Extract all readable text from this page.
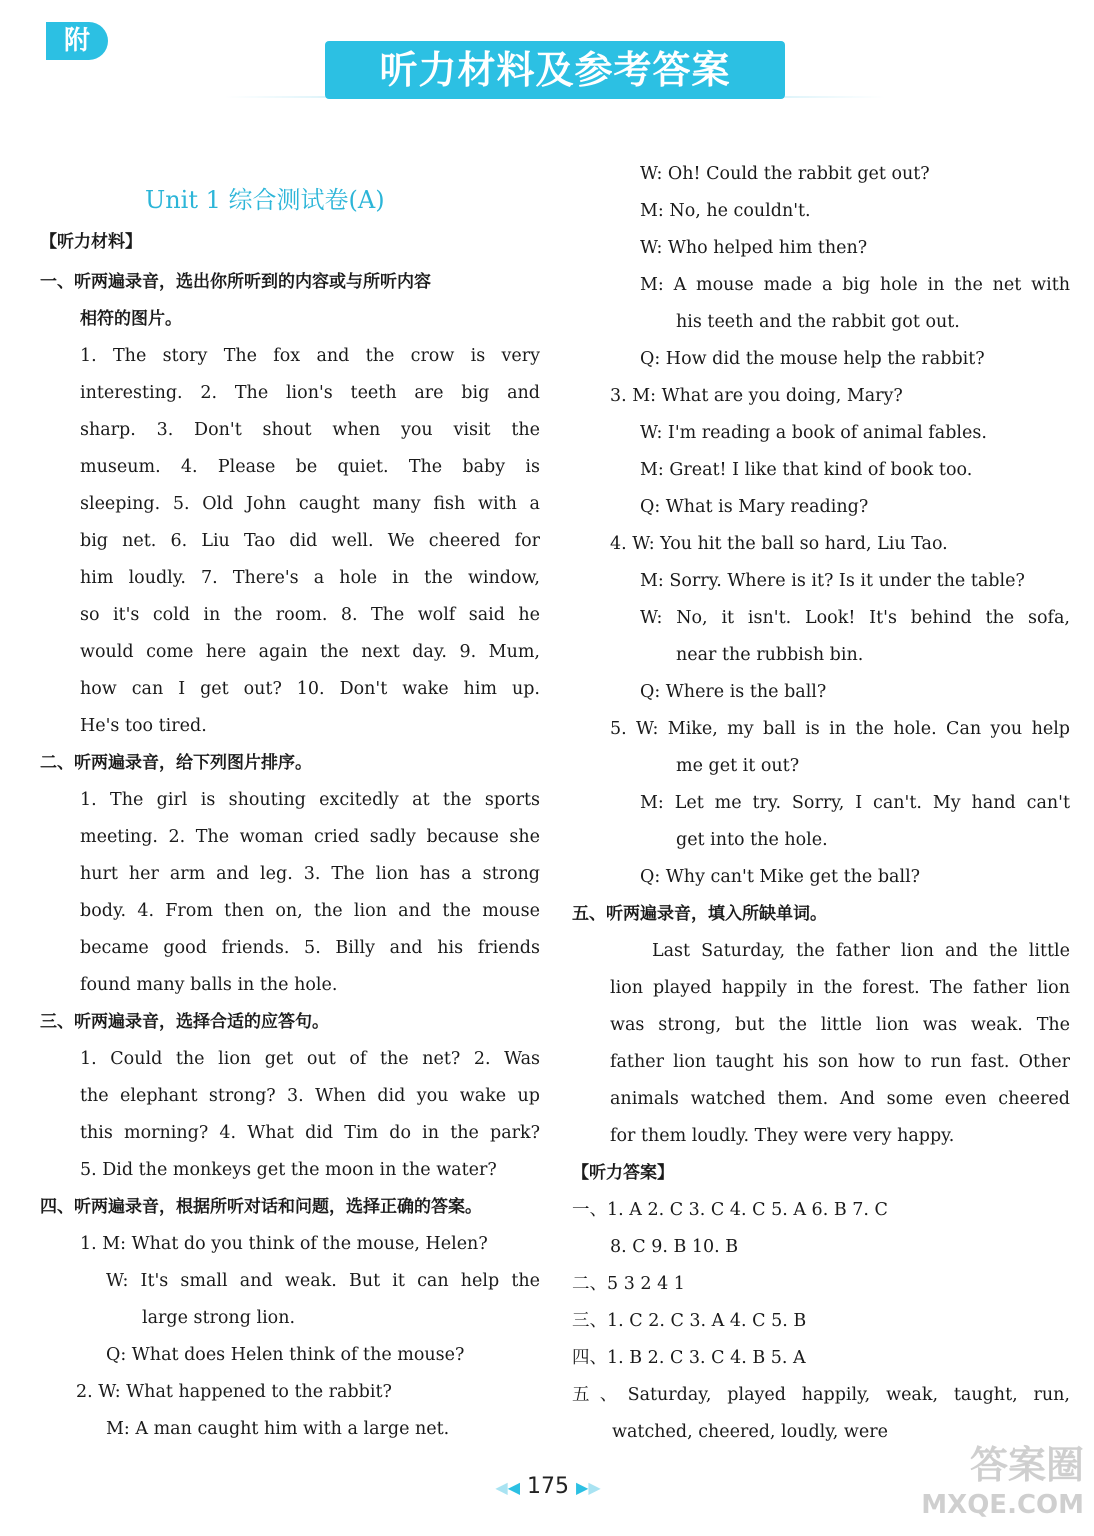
附
听力材料及参考答案
Unit 1 综合测试卷(A)
【听力材料】
一、听两遍录音，选出你所听到的内容或与所听内容
相符的图片。
1. The story The fox and the crow is very
interesting. 2. The lion's teeth are big and
sharp. 3. Don't shout when you visit the
museum. 4. Please be quiet. The baby is
sleeping. 5. Old John caught many fish with a
big net. 6. Liu Tao did well. We cheered for
him loudly. 7. There's a hole in the window,
so it's cold in the room. 8. The wolf said he
would come here again the next day. 9. Mum,
how can I get out? 10. Don't wake him up.
He's too tired.
二、听两遍录音，给下列图片排序。
1. The girl is shouting excitedly at the sports
meeting. 2. The woman cried sadly because she
hurt her arm and leg. 3. The lion has a strong
body. 4. From then on, the lion and the mouse
became good friends. 5. Billy and his friends
found many balls in the hole.
三、听两遍录音，选择合适的应答句。
1. Could the lion get out of the net? 2. Was
the elephant strong? 3. When did you wake up
this morning? 4. What did Tim do in the park?
5. Did the monkeys get the moon in the water?
四、听两遍录音，根据所听对话和问题，选择正确的答案。
1. M: What do you think of the mouse, Helen?
W: It's small and weak. But it can help the
large strong lion.
Q: What does Helen think of the mouse?
2. W: What happened to the rabbit?
M: A man caught him with a large net.
W: Oh! Could the rabbit get out?
M: No, he couldn't.
W: Who helped him then?
M: A mouse made a big hole in the net with
his teeth and the rabbit got out.
Q: How did the mouse help the rabbit?
3. M: What are you doing, Mary?
W: I'm reading a book of animal fables.
M: Great! I like that kind of book too.
Q: What is Mary reading?
4. W: You hit the ball so hard, Liu Tao.
M: Sorry. Where is it? Is it under the table?
W: No, it isn't. Look! It's behind the sofa,
near the rubbish bin.
Q: Where is the ball?
5. W: Mike, my ball is in the hole. Can you help
me get it out?
M: Let me try. Sorry, I can't. My hand can't
get into the hole.
Q: Why can't Mike get the ball?
五、听两遍录音，填入所缺单词。
Last Saturday, the father lion and the little
lion played happily in the forest. The father lion
was strong, but the little lion was weak. The
father lion taught his son how to run fast. Other
animals watched them. And some even cheered
for them loudly. They were very happy.
【听力答案】
一、1. A 2. C 3. C 4. C 5. A 6. B 7. C
8. C 9. B 10. B
二、5 3 2 4 1
三、1. C 2. C 3. A 4. C 5. B
四、1. B 2. C 3. C 4. B 5. A
五、Saturday, played happily, weak, taught, run,
watched, cheered, loudly, were
◀◀ 175 ▶▶
答案圈
MXQE.COM
